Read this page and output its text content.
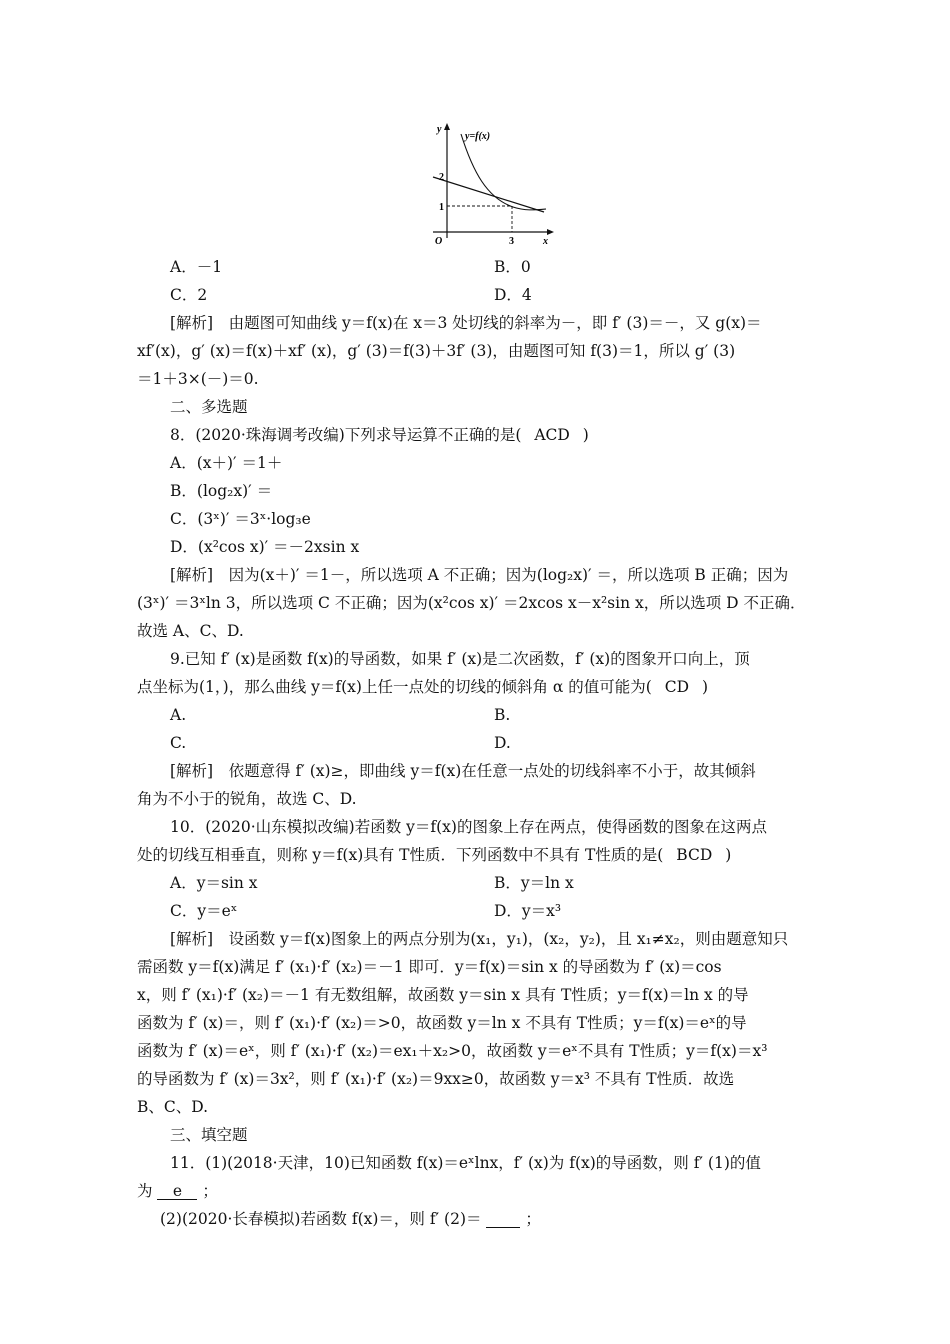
y
y=f(x)
2
1
O	3	x
A．－1	B．0
C．2	D．4
[解析]　由题图可知曲线 y＝f(x)在 x＝3 处切线的斜率为－，即 f′ (3)＝－，又 g(x)＝
xf′(x)，g′ (x)＝f(x)＋xf′ (x)，g′ (3)＝f(3)＋3f′ (3)，由题图可知 f(3)＝1，所以 g′ (3)
＝1＋3×(－)＝0.
二、多选题
8．(2020·珠海调考改编)下列求导运算不正确的是( ACD )
A．(x＋)′ ＝1＋
B．(log₂x)′ ＝
C．(3ˣ)′ ＝3ˣ·log₃e
D．(x²cos x)′ ＝－2xsin x
[解析]　因为(x＋)′ ＝1－，所以选项 A 不正确；因为(log₂x)′ ＝，所以选项 B 正确；因为
(3ˣ)′ ＝3ˣln 3，所以选项 C 不正确；因为(x²cos x)′ ＝2xcos x－x²sin x，所以选项 D 不正确．
故选 A、C、D.
9.已知 f′ (x)是函数 f(x)的导函数，如果 f′ (x)是二次函数，f′ (x)的图象开口向上，顶
点坐标为(1，)，那么曲线 y＝f(x)上任一点处的切线的倾斜角 α 的值可能为( CD )
A.	B.
C.	D.
[解析]　依题意得 f′ (x)≥，即曲线 y＝f(x)在任意一点处的切线斜率不小于，故其倾斜
角为不小于的锐角，故选 C、D.
10．(2020·山东模拟改编)若函数 y＝f(x)的图象上存在两点，使得函数的图象在这两点
处的切线互相垂直，则称 y＝f(x)具有 T性质．下列函数中不具有 T性质的是( BCD )
A．y＝sin x	B．y＝ln x
C．y＝eˣ	D．y＝x³
[解析]　设函数 y＝f(x)图象上的两点分别为(x₁，y₁)，(x₂，y₂)，且 x₁≠x₂，则由题意知只
需函数 y＝f(x)满足 f′ (x₁)·f′ (x₂)＝－1 即可．y＝f(x)＝sin x 的导函数为 f′ (x)＝cos
x，则 f′ (x₁)·f′ (x₂)＝－1 有无数组解，故函数 y＝sin x 具有 T性质；y＝f(x)＝ln x 的导
函数为 f′ (x)＝，则 f′ (x₁)·f′ (x₂)＝>0，故函数 y＝ln x 不具有 T性质；y＝f(x)＝eˣ的导
函数为 f′ (x)＝eˣ，则 f′ (x₁)·f′ (x₂)＝ex₁＋x₂>0，故函数 y＝eˣ不具有 T性质；y＝f(x)＝x³
的导函数为 f′ (x)＝3x²，则 f′ (x₁)·f′ (x₂)＝9xx≥0，故函数 y＝x³ 不具有 T性质．故选
B、C、D.
三、填空题
11．(1)(2018·天津，10)已知函数 f(x)＝eˣlnx，f′ (x)为 f(x)的导函数，则 f′ (1)的值
为 e ；
(2)(2020·长春模拟)若函数 f(x)＝，则 f′ (2)＝	；
